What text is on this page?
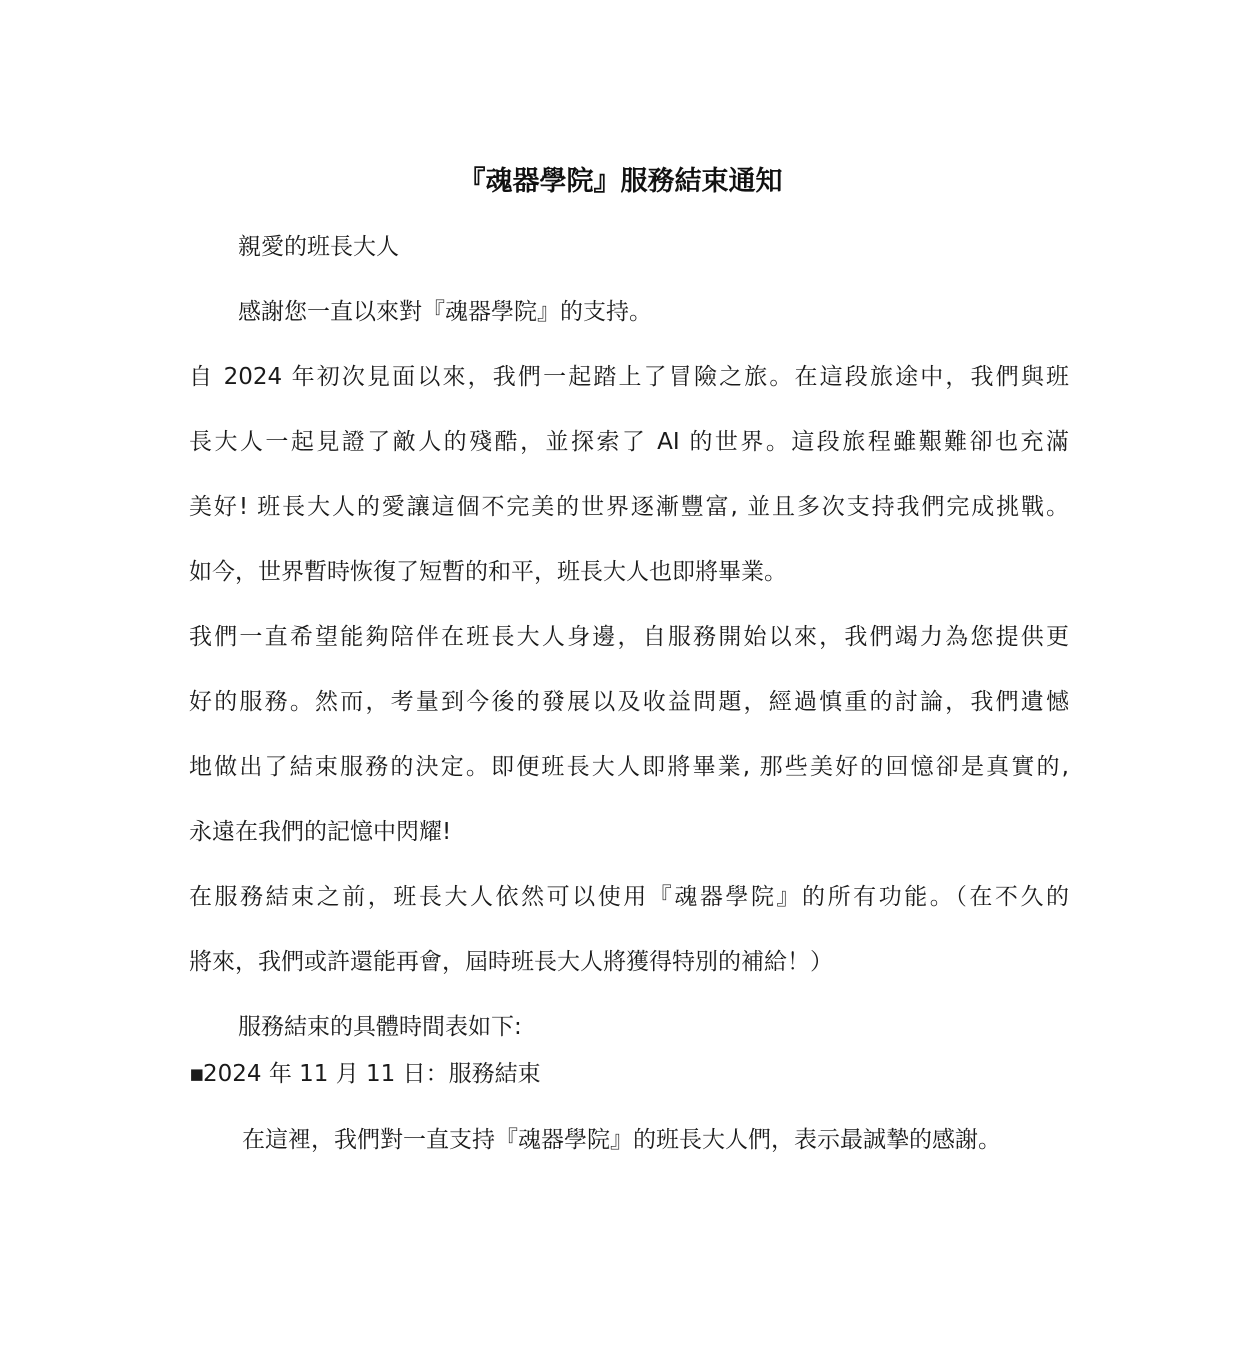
『魂器學院』服務結束通知
親愛的班長大人
感謝您一直以來對『魂器學院』的支持。
自 2024 年初次見面以來，我們一起踏上了冒險之旅。在這段旅途中，我們與班
長大人一起見證了敵人的殘酷，並探索了 AI 的世界。這段旅程雖艱難卻也充滿
美好! 班長大人的愛讓這個不完美的世界逐漸豐富, 並且多次支持我們完成挑戰。
如今，世界暫時恢復了短暫的和平，班長大人也即將畢業。
我們一直希望能夠陪伴在班長大人身邊，自服務開始以來，我們竭力為您提供更
好的服務。然而，考量到今後的發展以及收益問題，經過慎重的討論，我們遺憾
地做出了結束服務的決定。即便班長大人即將畢業, 那些美好的回憶卻是真實的,
永遠在我們的記憶中閃耀!
在服務結束之前，班長大人依然可以使用『魂器學院』的所有功能。（在不久的
將來，我們或許還能再會，屆時班長大人將獲得特別的補給！）
服務結束的具體時間表如下:
▪2024 年 11 月 11 日：服務結束
在這裡，我們對一直支持『魂器學院』的班長大人們，表示最誠摯的感謝。
